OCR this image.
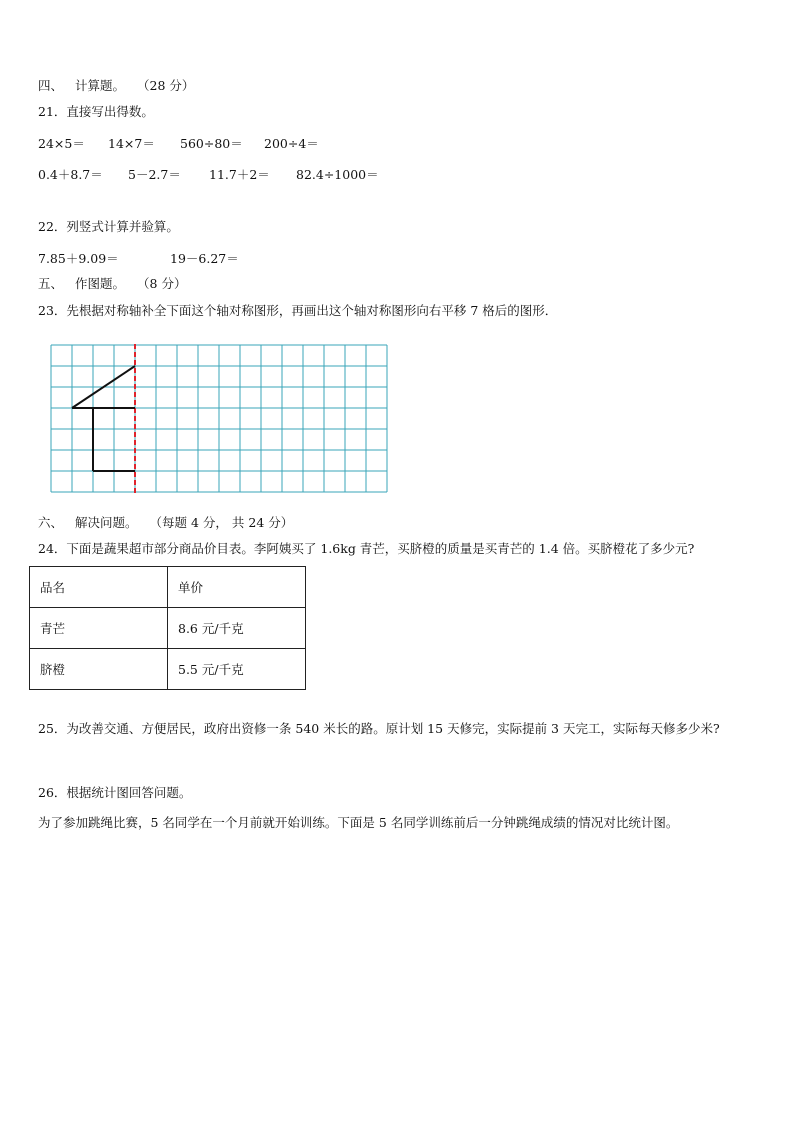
四、 计算题。 （28 分）
21．直接写出得数。
24×5＝ 14×7＝ 560÷80＝ 200÷4＝
0.4＋8.7＝ 5－2.7＝ 11.7＋2＝ 82.4÷1000＝
22．列竖式计算并验算。
7.85＋9.09＝	19－6.27＝
五、 作图题。 （8 分）
23．先根据对称轴补全下面这个轴对称图形，再画出这个轴对称图形向右平移 7 格后的图形．
六、 解决问题。 （每题 4 分， 共 24 分）
24．下面是蔬果超市部分商品价目表。李阿姨买了 1.6kg 青芒，买脐橙的质量是买青芒的 1.4 倍。买脐橙花了多少元?
品名	单价
青芒	8.6 元/千克
脐橙	5.5 元/千克
25．为改善交通、方便居民，政府出资修一条 540 米长的路。原计划 15 天修完，实际提前 3 天完工，实际每天修多少米?
26．根据统计图回答问题。
为了参加跳绳比赛，5 名同学在一个月前就开始训练。下面是 5 名同学训练前后一分钟跳绳成绩的情况对比统计图。
